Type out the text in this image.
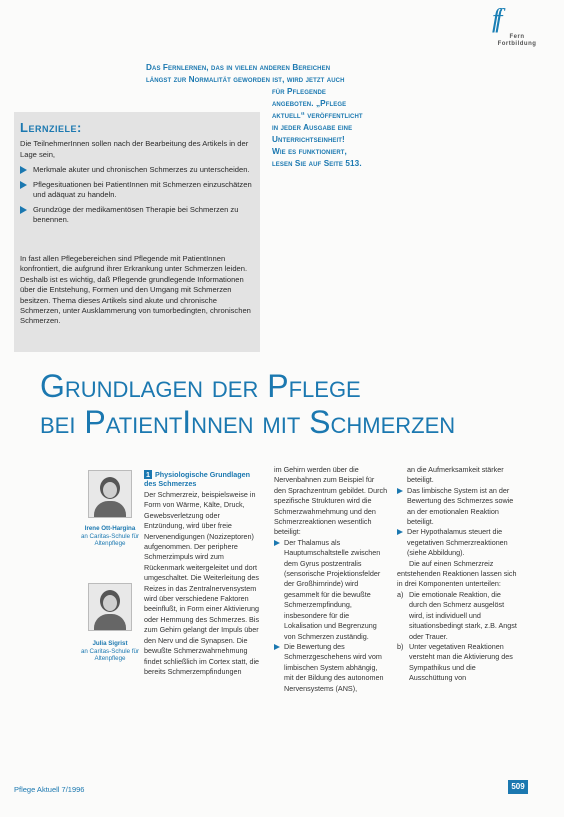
ff
Fern
Fortbildung

Das Fernlernen, das in vielen anderen Bereichen

längst zur Normalität geworden ist, wird jetzt auch

für Pflegende

angeboten. „Pflege

aktuell“ veröffentlicht

in jeder Ausgabe eine

Unterrichtseinheit!

Wie es funktioniert,

lesen Sie auf Seite 513.

Lernziele:
Die TeilnehmerInnen sollen nach der Bearbeitung des Artikels in der Lage sein,
Merkmale akuter und chronischen Schmerzes zu unterscheiden.
Pflegesituationen bei PatientInnen mit Schmerzen einzuschätzen und adäquat zu handeln.
Grundzüge der medikamentösen Therapie bei Schmerzen zu benennen.
In fast allen Pflegebereichen sind Pflegende mit PatientInnen konfrontiert, die aufgrund ihrer Erkrankung unter Schmerzen leiden. Deshalb ist es wichtig, daß Pflegende grundlegende Informationen über die Entstehung, Formen und den Umgang mit Schmerzen besitzen. Thema dieses Artikels sind akute und chronische Schmerzen, unter Ausklammerung von tumorbedingten, chronischen Schmerzen.
Grundlagen der Pflege
bei PatientInnen mit Schmerzen
Irene Ott-Hargina
an Caritas-Schule für Altenpflege
Julia Sigrist
an Caritas-Schule für Altenpflege

1 Physiologische Grundlagen des Schmerzes

Der Schmerzreiz, beispielsweise in Form von Wärme, Kälte, Druck, Gewebsverletzung oder Entzündung, wird über freie Nervenendigungen (Nozizeptoren) aufgenommen. Der periphere Schmerzimpuls wird zum Rückenmark weitergeleitet und dort umgeschaltet. Die Weiterleitung des Reizes in das Zentralnervensystem wird über verschiedene Faktoren beeinflußt, in Form einer Aktivierung oder Hemmung des Schmerzes. Bis zum Gehirn gelangt der Impuls über den Nerv und die Synapsen. Die bewußte Schmerzwahrnehmung findet schließlich im Cortex statt, die bereits Schmerzempfindungen

im Gehirn werden über die Nervenbahnen zum Beispiel für den Sprachzentrum gebildet. Durch spezifische Strukturen wird die Schmerzwahrnehmung und den Schmerzreaktionen wesentlich beteiligt:

Der Thalamus als Hauptumschaltstelle zwischen dem Gyrus postzentralis (sensorische Projektionsfelder der Großhirnrinde) wird gesammelt für die bewußte Schmerzempfindung, insbesondere für die Lokalisation und Begrenzung von Schmerzen zuständig.

Die Bewertung des Schmerzgeschehens wird vom limbischen System abhängig, mit der Bildung des autonomen Nervensystems (ANS),

an die Aufmerksamkeit stärker beteiligt.

Das limbische System ist an der Bewertung des Schmerzes sowie an der emotionalen Reaktion beteiligt.

Der Hypothalamus steuert die vegetativen Schmerzreaktionen (siehe Abbildung).

Die auf einen Schmerzreiz entstehenden Reaktionen lassen sich in drei Komponenten unterteilen:

a) Die emotionale Reaktion, die durch den Schmerz ausgelöst wird, ist individuell und situationsbedingt stark, z.B. Angst oder Trauer.

b) Unter vegetativen Reaktionen versteht man die Aktivierung des Sympathikus und die Ausschüttung von

Pflege Aktuell 7/1996	509
